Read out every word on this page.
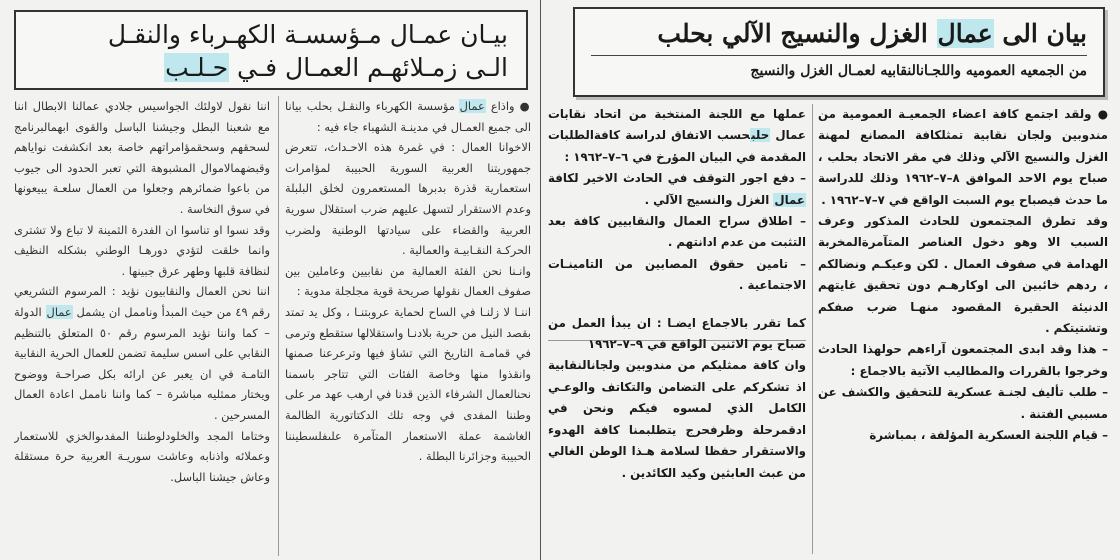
بيان الى عمال الغزل والنسيج الآلي بحلب
من الجمعيه العموميه واللجـانالنقابيه لعمـال الغزل والنسيج
بيـان عمـال مـؤسسـة الكهـرباء والنقـل
الـى زمـلائهـم العمـال فـي حـلـب

● ولقد اجتمع كافة اعضاء الجمعيـة العمومية من مندوبين ولجان نقابية تمثلكافة المصانع لمهنة الغزل والنسيج الآلي وذلك في مقر الاتحاد بحلب ، صباح يوم الاحد الموافق ٨–٧–١٩٦٢ وذلك للدراسة ما حدث فيصباح يوم السبت الواقع في ٧–٧–١٩٦٢ .

وقد تطرق المجتمعون للحادث المذكور وعرف السبب الا وهو دخول العناصر المتآمرةالمخربة الهدامة في صفوف العمال . لكن وعيكـم ونضالكم ، ردهم خائبين الى اوكارهـم دون تحقيق غايتهم الدنيئة الحقيرة المقصود منهـا ضرب صفكم وتشتيتكم .

– هذا وقد ابدى المجتمعون آراءهم حولهذا الحادث وخرجوا بالقررات والمطاليب الآتية بالاجماع :

– طلب تأليف لجنـة عسكرية للتحقيق والكشف عن مسببي الفتنة .

– قيام اللجنة العسكرية المؤلفة ، بمباشرة

عملها مع اللجنة المنتخبة من اتحاد نقابات عمال حلبحسب الاتفاق لدراسة كافةالطلبات المقدمة في البيان المؤرخ في ٦–٧–١٩٦٢ :

– دفع اجور التوقف في الحادث الاخير لكافة عمال الغزل والنسيج الآلي .

– اطلاق سراح العمال والنقابيين كافة بعد التثبت من عدم ادانتهم .

– تامين حقوق المصابين من التامينـات الاجتماعية .

كما تقرر بالاجماع ايضـا : ان يبدأ العمل من صباح يوم الاثنين الواقع في ٩–٧–١٩٦٢

وان كافة ممثليكم من مندوبين ولجانالنقابية اذ تشكركم على التضامن والتكاتف والوعـي الكامل الذي لمسوه فيكم ونحن في ادقمرحلة وظرفحرج يتطلبمنا كافة الهدوء والاستقرار حفظا لسلامة هـذا الوطن الغالي من عبث العابثين وكيد الكائدين .

● واذاع عمال مؤسسة الكهرباء والنقـل بحلب بيانا الى جميع العمـال في مدينـة الشهباء جاء فيه :

الاخوانا العمال : في غمرة هذه الاحـداث، تتعرض جمهوريتنا العربية السورية الحبيبة لمؤامرات استعمارية قذرة بدبرها المستعمرون لخلق البلبلة وعدم الاستقرار لتسهل عليهم ضرب استقلال سورية العربية والقضاء على سيادتها الوطنية ولضرب الحركـة النقـابيـة والعمالية .

وانـنا نحن الفئة العمالية من نقابيين وعاملين بين صفوف العمال نقولها صريحة قوية مجلجلة مدوية :

اننـا لا زلنـا في الساح لحماية عروبتنـا ، وكل يد تمتد بقصد النيل من حرية بلادنـا واستقلالها ستقطع وترمى في قمامـة التاريخ التي تشاؤ فيها وترعرعنا صمنها وانقذوا منها وخاصة الفئات التي تتاجر باسمنا نحنالعمال الشرفاء الذين قدنا في ارهب عهد مر على وطننا المفدى في وجه تلك الدكتاتورية الظالمة الغاشمة عملة الاستعمار المتآمرة علىفلسطيننا الحبيبة وجزائرنا البطلة .

اننا نقول لاولئك الجواسيس جلادي عمالنا الابطال اننا مع شعبنا البطل وجيشنا الباسل والقوى ابهمالبرنامج لسحقهم وسحقمؤامراتهم خاصة بعد انكشفت نواياهم وقبضهمالاموال المشبوهة التي تعبر الحدود الى جيوب من باعوا ضمائرهم وجعلوا من العمال سلعـة يبيعونها في سوق النخاسة .

وقد نسوا او تناسوا ان الفدرة الثمينة لا تباع ولا تشترى وانما خلقت لتؤدي دورهـا الوطني بشكله النظيف لنظافة قلبها وطهر عرق جبينها .

اننا نحن العمال والنقابيون نؤيد : المرسوم التشريعي رقم ٤٩ من حيث المبدأ وناممل ان يشمل عمال الدولة – كما واننا نؤيد المرسوم رقم ٥٠ المتعلق بالتنظيم النقابي على اسس سليمة تضمن للعمال الحرية النقابية التامـة في ان يعبر عن ارائه بكل صراحـة ووضوح ويختار ممثليه مباشرة – كما واننا ناممل اعادة العمال المسرحين .

وختاما المجد والخلودلوطننا المفدىوالخزي للاستعمار وعملائه واذنابه وعاشت سوريـة العربية حرة مستقلة وعاش جيشنا الباسل.
